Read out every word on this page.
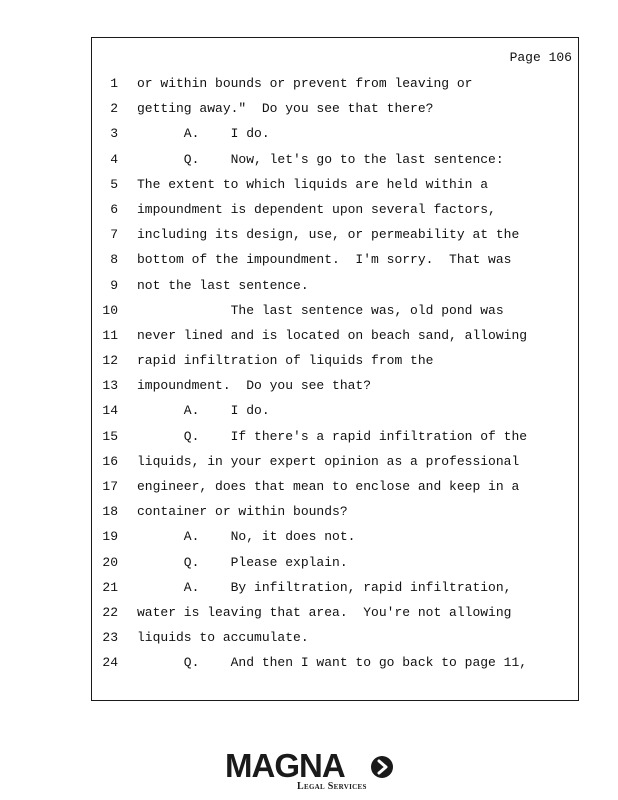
Page 106
1 or within bounds or prevent from leaving or
2 getting away."  Do you see that there?
3 A.    I do.
4 Q.    Now, let's go to the last sentence:
5 The extent to which liquids are held within a
6 impoundment is dependent upon several factors,
7 including its design, use, or permeability at the
8 bottom of the impoundment.  I'm sorry.  That was
9 not the last sentence.
10 The last sentence was, old pond was
11 never lined and is located on beach sand, allowing
12 rapid infiltration of liquids from the
13 impoundment.  Do you see that?
14 A.    I do.
15 Q.    If there's a rapid infiltration of the
16 liquids, in your expert opinion as a professional
17 engineer, does that mean to enclose and keep in a
18 container or within bounds?
19 A.    No, it does not.
20 Q.    Please explain.
21 A.    By infiltration, rapid infiltration,
22 water is leaving that area.  You're not allowing
23 liquids to accumulate.
24 Q.    And then I want to go back to page 11,
MAGNA
Legal Services
